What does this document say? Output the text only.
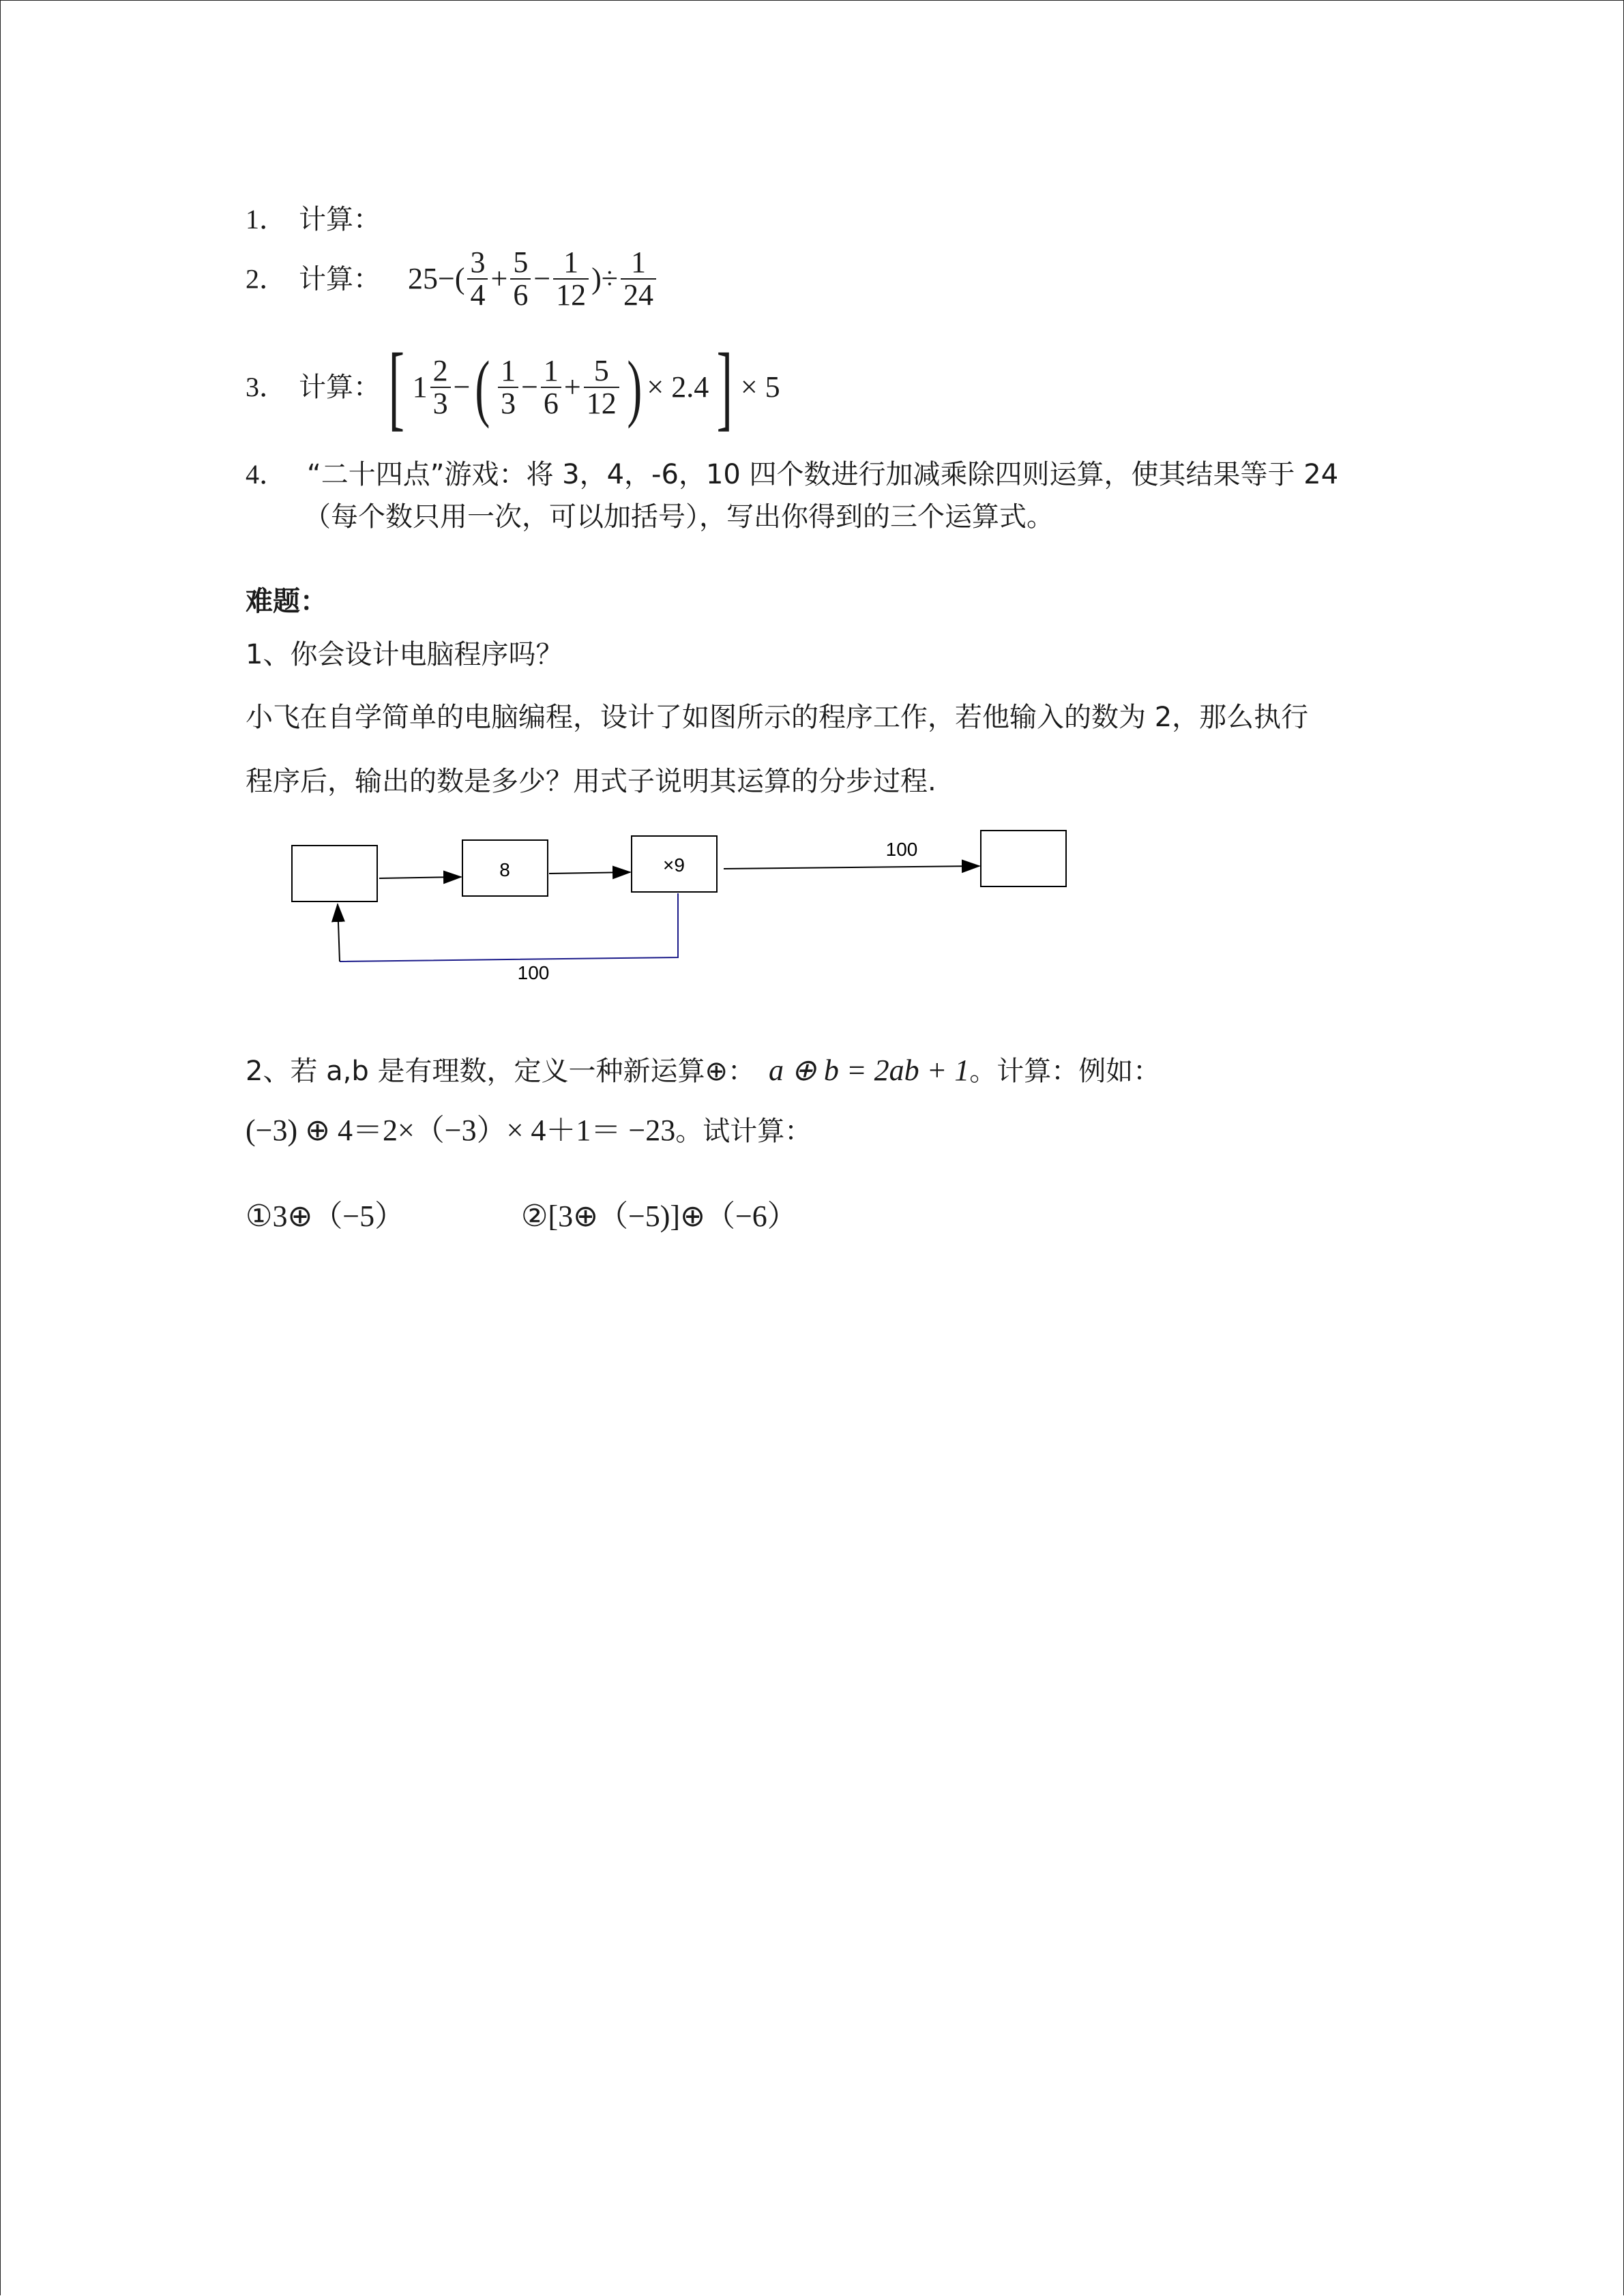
1． 计算：
2． 计算： $25-( \frac{3}{4} + \frac{5}{6} - \frac{1}{12}$ )÷ $\frac{1}{24}$
3． 计算：[ $1 \frac{2}{3}$ −( $\frac{1}{3} - \frac{1}{6} + \frac{5}{12}$ ) × 2.4] × 5
4． “二十四点”游戏：将 3，4，-6，10 四个数进行加减乘除四则运算，使其结果等于 24
（每个数只用一次，可以加括号），写出你得到的三个运算式。
难题：
1、你会设计电脑程序吗？
小飞在自学简单的电脑编程，设计了如图所示的程序工作，若他输入的数为 2，那么执行
程序后，输出的数是多少？用式子说明其运算的分步过程.
8	×9
100
100
2、若 a,b 是有理数，定义一种新运算⊕： a ⊕ b = 2ab + 1。计算：例如：
(−3) ⊕ 4＝2×（−3）× 4＋1＝ −23。试计算：
①3⊕（−5）	②[3⊕（−5)]⊕（−6）
